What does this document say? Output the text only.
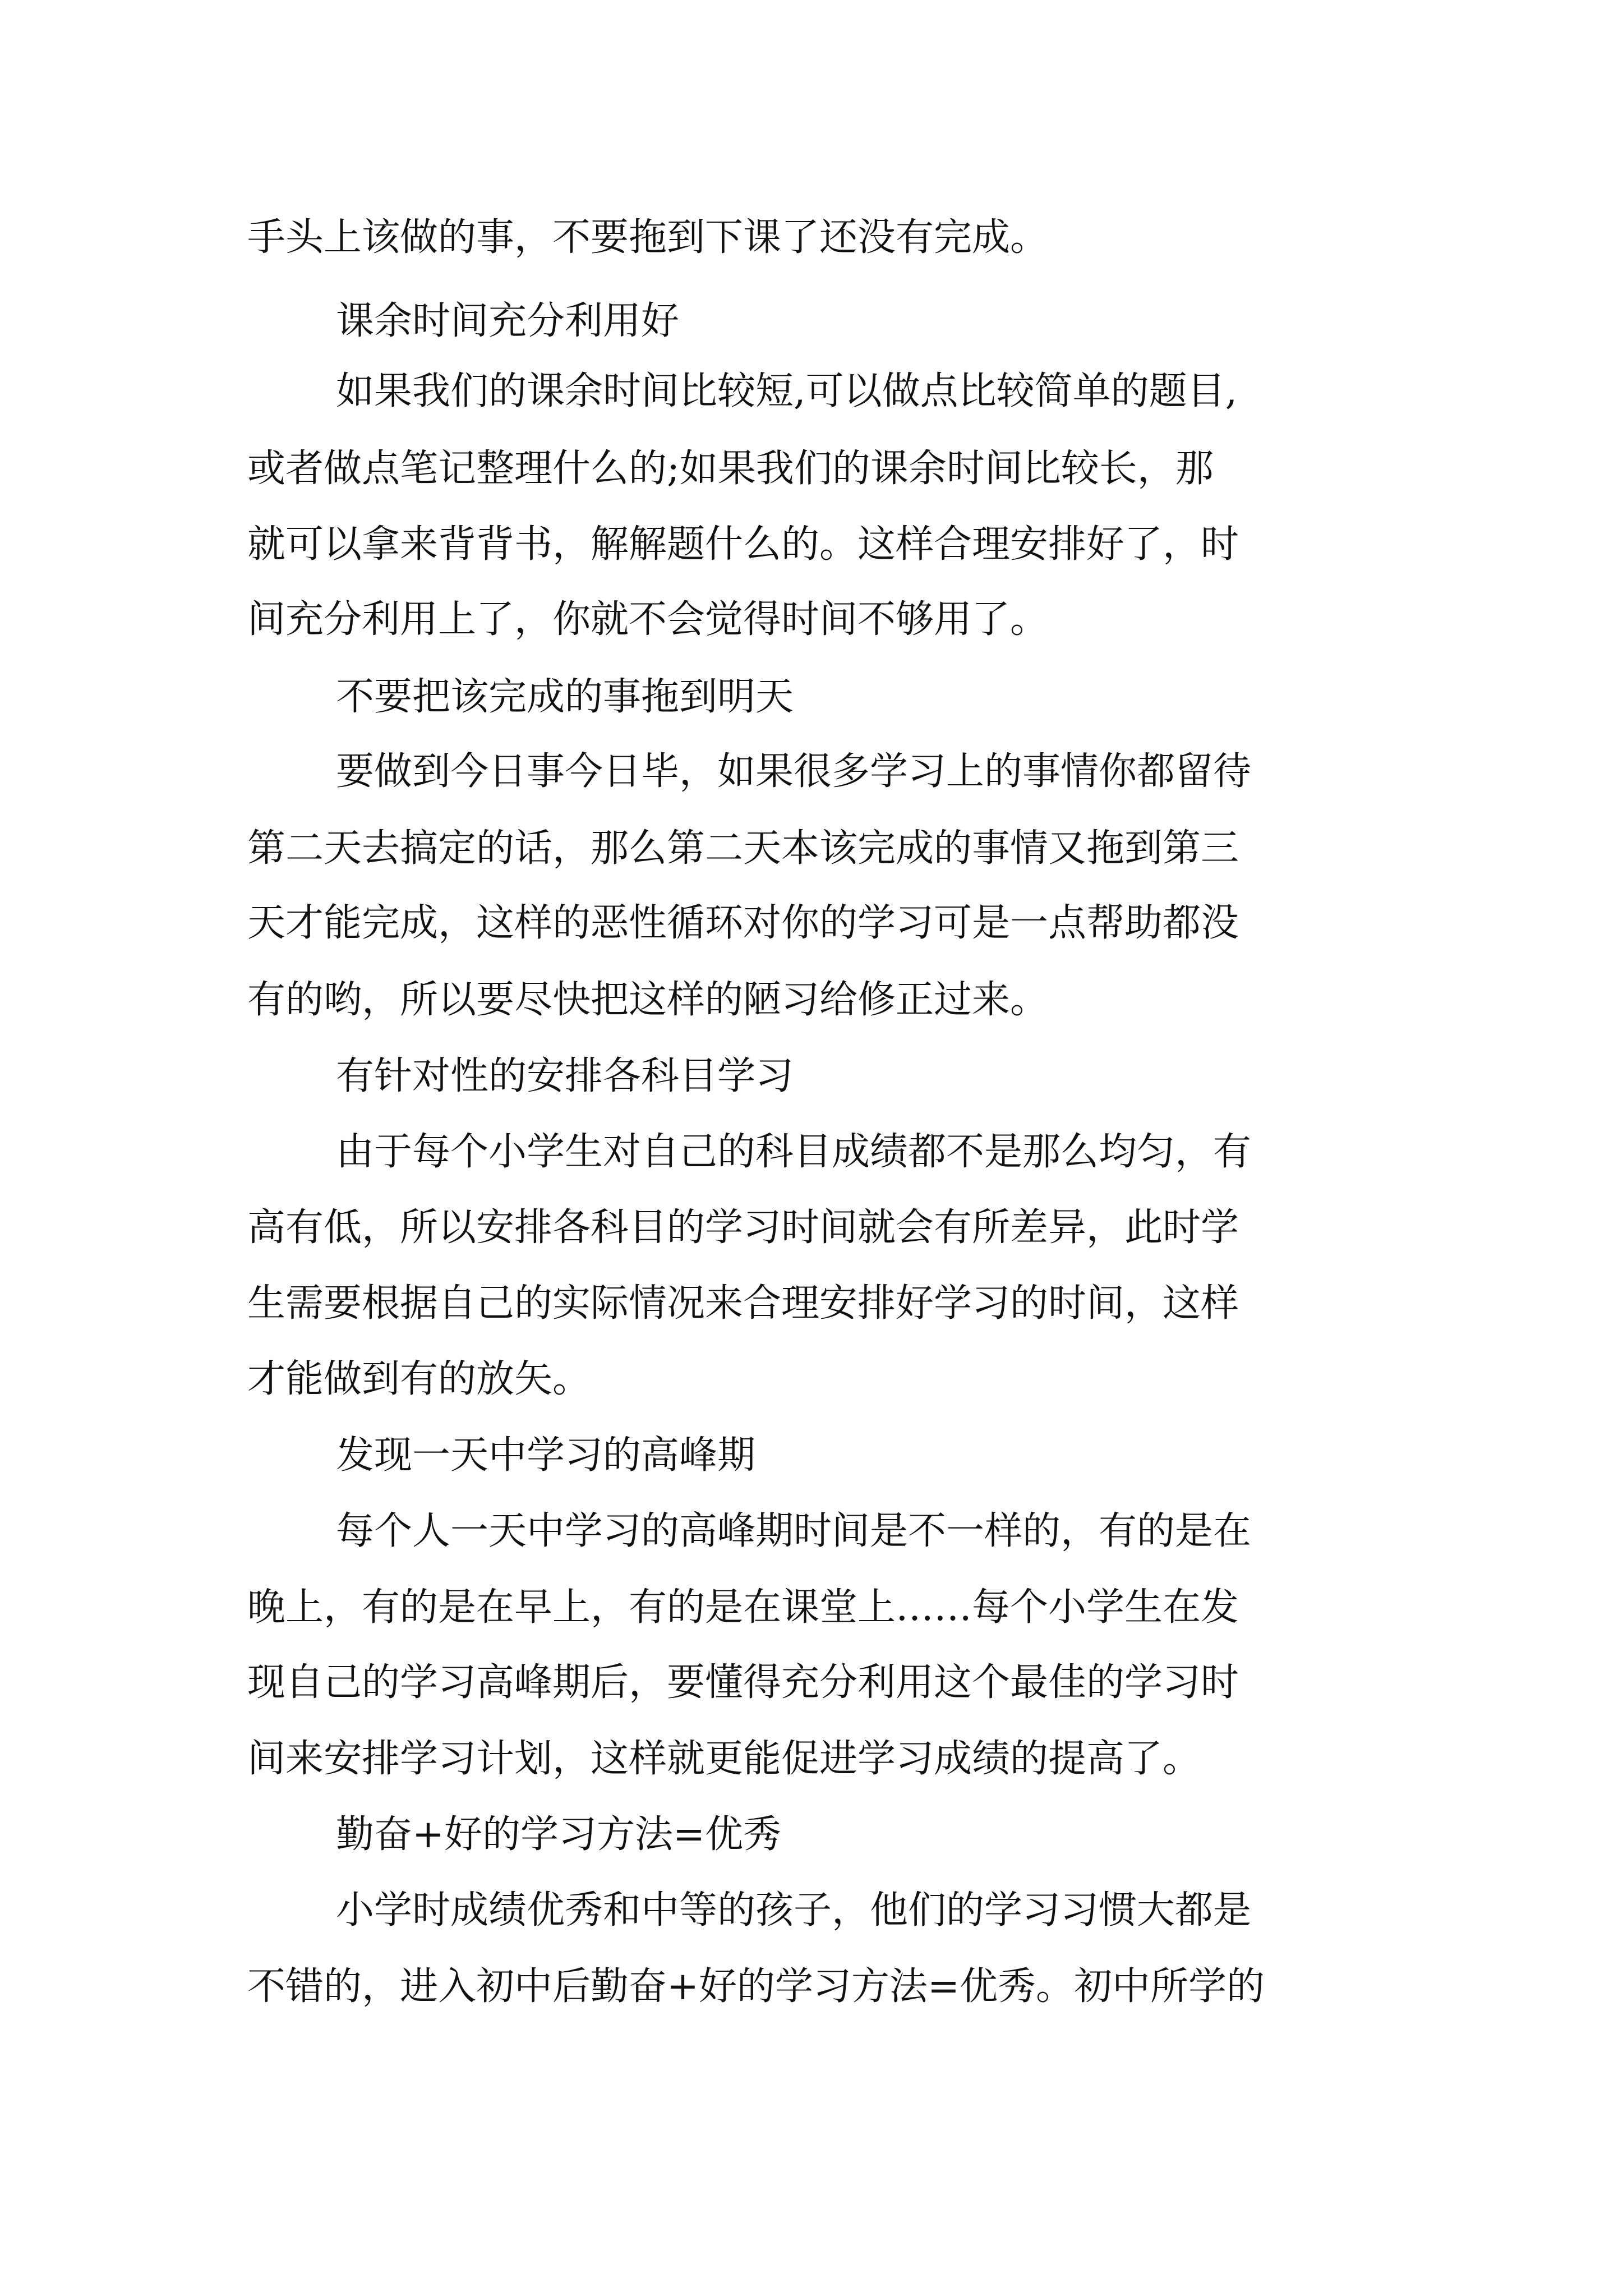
手头上该做的事，不要拖到下课了还没有完成。
课余时间充分利用好
如果我们的课余时间比较短,可以做点比较简单的题目,
或者做点笔记整理什么的;如果我们的课余时间比较长，那
就可以拿来背背书，解解题什么的。这样合理安排好了，时
间充分利用上了，你就不会觉得时间不够用了。
不要把该完成的事拖到明天
要做到今日事今日毕，如果很多学习上的事情你都留待
第二天去搞定的话，那么第二天本该完成的事情又拖到第三
天才能完成，这样的恶性循环对你的学习可是一点帮助都没
有的哟，所以要尽快把这样的陋习给修正过来。
有针对性的安排各科目学习
由于每个小学生对自己的科目成绩都不是那么均匀，有
高有低，所以安排各科目的学习时间就会有所差异，此时学
生需要根据自己的实际情况来合理安排好学习的时间，这样
才能做到有的放矢。
发现一天中学习的高峰期
每个人一天中学习的高峰期时间是不一样的，有的是在
晚上，有的是在早上，有的是在课堂上……每个小学生在发
现自己的学习高峰期后，要懂得充分利用这个最佳的学习时
间来安排学习计划，这样就更能促进学习成绩的提高了。
勤奋+好的学习方法=优秀
小学时成绩优秀和中等的孩子，他们的学习习惯大都是
不错的，进入初中后勤奋+好的学习方法=优秀。初中所学的
